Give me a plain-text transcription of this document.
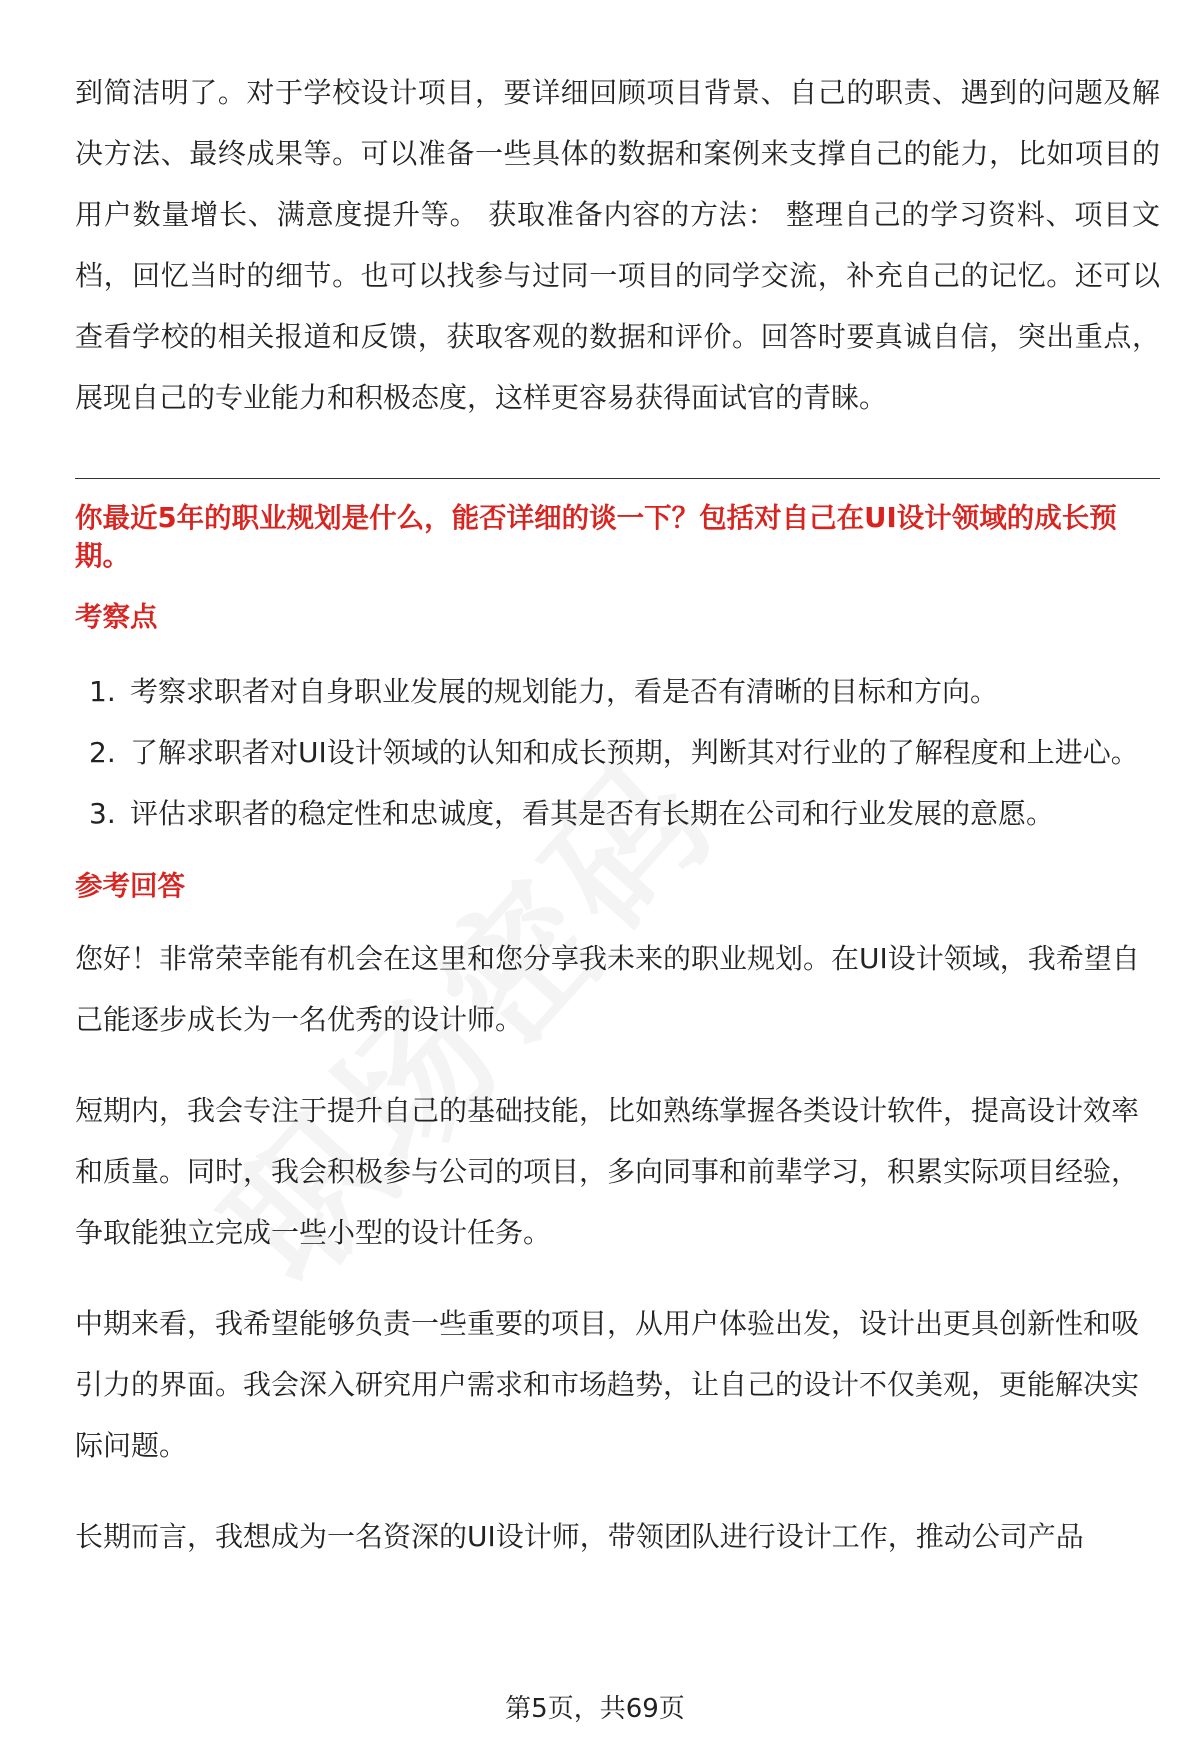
到简洁明了。对于学校设计项目，要详细回顾项目背景、自己的职责、遇到的问题及解决方法、最终成果等。可以准备一些具体的数据和案例来支撑自己的能力，比如项目的用户数量增长、满意度提升等。 获取准备内容的方法： 整理自己的学习资料、项目文档，回忆当时的细节。也可以找参与过同一项目的同学交流，补充自己的记忆。还可以查看学校的相关报道和反馈，获取客观的数据和评价。回答时要真诚自信，突出重点，展现自己的专业能力和积极态度，这样更容易获得面试官的青睐。

你最近5年的职业规划是什么，能否详细的谈一下？包括对自己在UI设计领域的成长预期。

考察点

1. 考察求职者对自身职业发展的规划能力，看是否有清晰的目标和方向。
2. 了解求职者对UI设计领域的认知和成长预期，判断其对行业的了解程度和上进心。
3. 评估求职者的稳定性和忠诚度，看其是否有长期在公司和行业发展的意愿。

参考回答

您好！非常荣幸能有机会在这里和您分享我未来的职业规划。在UI设计领域，我希望自己能逐步成长为一名优秀的设计师。

短期内，我会专注于提升自己的基础技能，比如熟练掌握各类设计软件，提高设计效率和质量。同时，我会积极参与公司的项目，多向同事和前辈学习，积累实际项目经验，争取能独立完成一些小型的设计任务。

中期来看，我希望能够负责一些重要的项目，从用户体验出发，设计出更具创新性和吸引力的界面。我会深入研究用户需求和市场趋势，让自己的设计不仅美观，更能解决实际问题。

长期而言，我想成为一名资深的UI设计师，带领团队进行设计工作，推动公司产品

第5页，共69页
